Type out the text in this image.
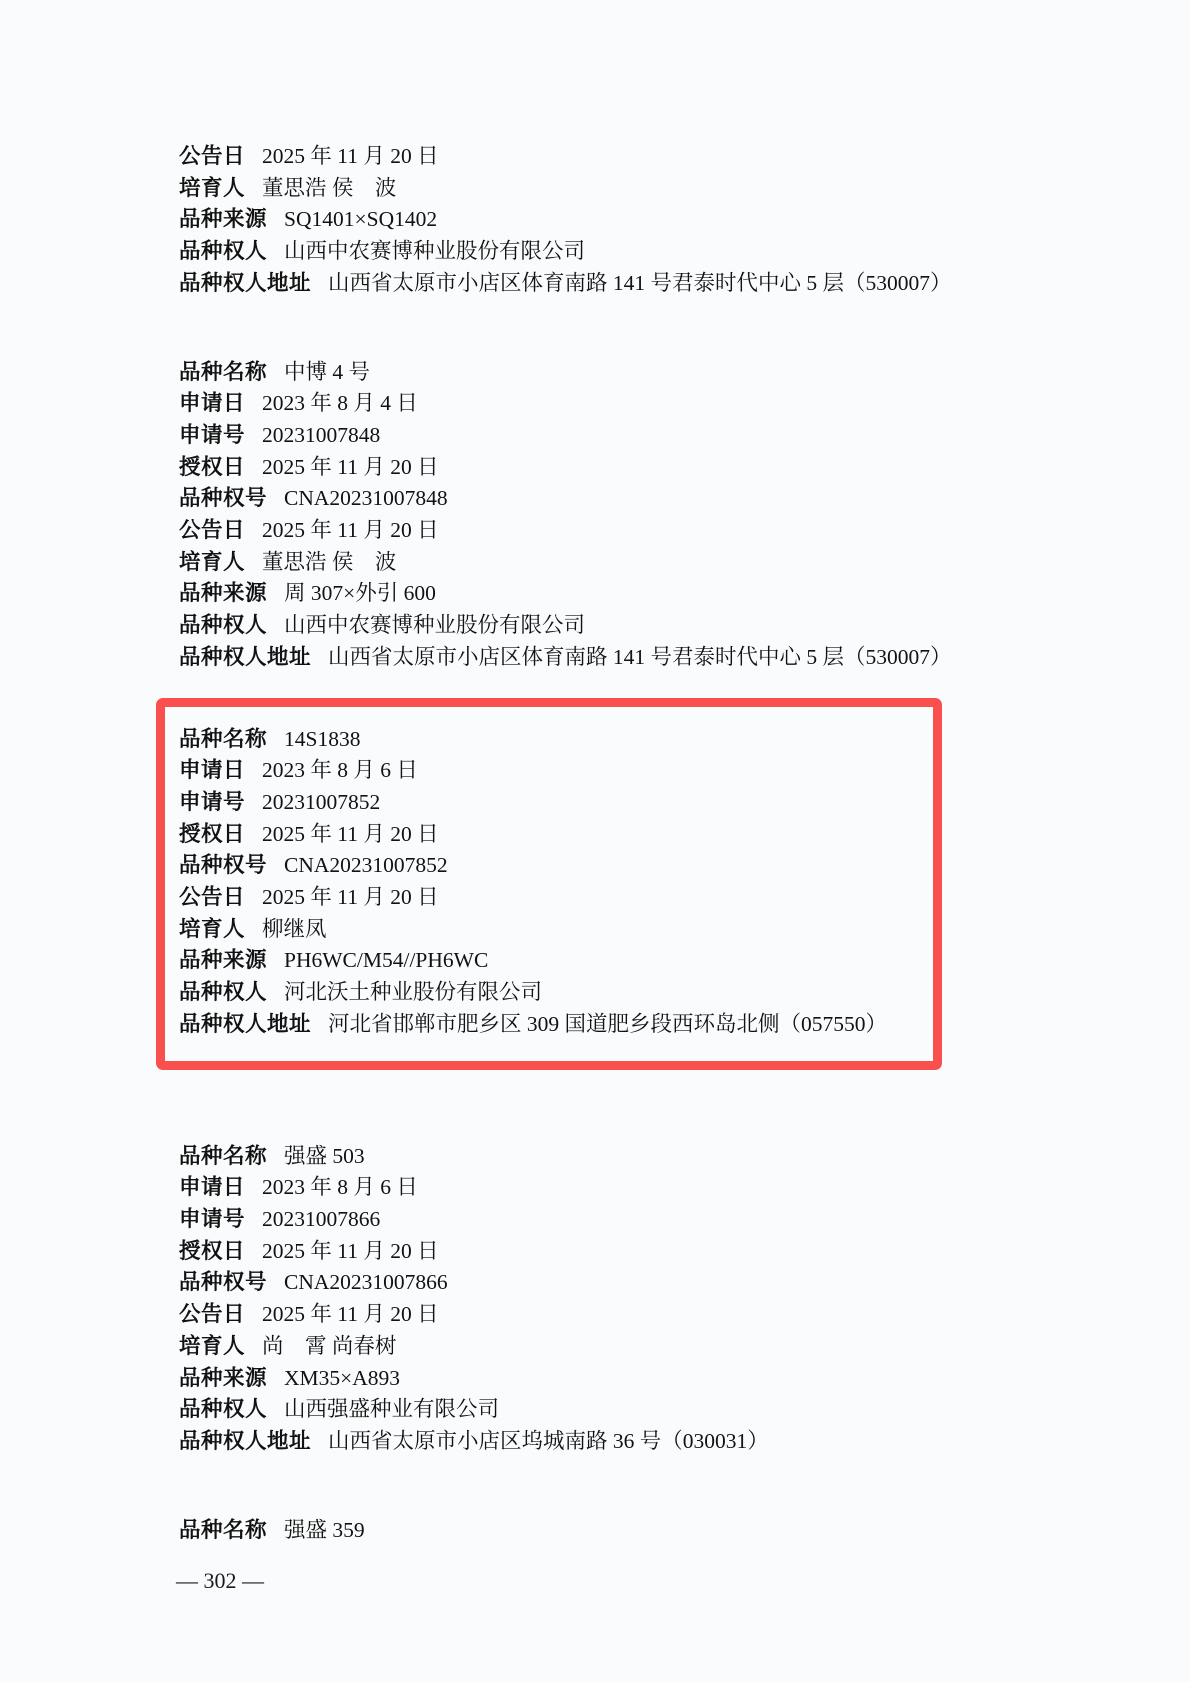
公告日 2025 年 11 月 20 日
培育人 董思浩 侯　波
品种来源 SQ1401×SQ1402
品种权人 山西中农赛博种业股份有限公司
品种权人地址 山西省太原市小店区体育南路 141 号君泰时代中心 5 层（530007）
品种名称 中博 4 号
申请日 2023 年 8 月 4 日
申请号 20231007848
授权日 2025 年 11 月 20 日
品种权号 CNA20231007848
公告日 2025 年 11 月 20 日
培育人 董思浩 侯　波
品种来源 周 307×外引 600
品种权人 山西中农赛博种业股份有限公司
品种权人地址 山西省太原市小店区体育南路 141 号君泰时代中心 5 层（530007）
品种名称 14S1838
申请日 2023 年 8 月 6 日
申请号 20231007852
授权日 2025 年 11 月 20 日
品种权号 CNA20231007852
公告日 2025 年 11 月 20 日
培育人 柳继凤
品种来源 PH6WC/M54//PH6WC
品种权人 河北沃土种业股份有限公司
品种权人地址 河北省邯郸市肥乡区 309 国道肥乡段西环岛北侧（057550）
品种名称 强盛 503
申请日 2023 年 8 月 6 日
申请号 20231007866
授权日 2025 年 11 月 20 日
品种权号 CNA20231007866
公告日 2025 年 11 月 20 日
培育人 尚　霄 尚春树
品种来源 XM35×A893
品种权人 山西强盛种业有限公司
品种权人地址 山西省太原市小店区坞城南路 36 号（030031）
品种名称 强盛 359
— 302 —
